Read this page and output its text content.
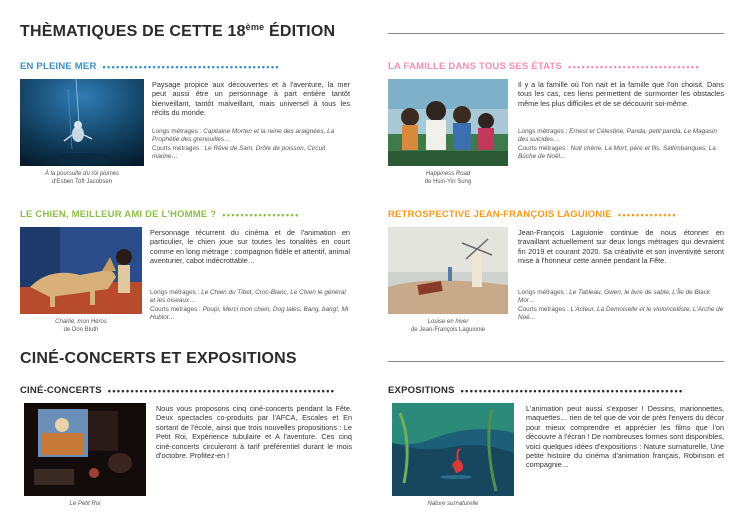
THÈMATIQUES DE CETTE 18ème ÉDITION
EN PLEINE MER •••••••••••••••••••••••••••••••••••••••
À la poursuite du roi plumes
d'Esben Toft Jacobsen
Paysage propice aux découvertes et à l'aventure, la mer peut aussi être un personnage à part entière tantôt bienveillant, tantôt malveillant, mais universel à tous les récits du monde.
Longs métrages : Capitaine Morten et la reine des araignées, La Prophétie des grenouilles…
Courts métrages : Le Rêve de Sam, Drôle de poisson, Circuit marine…
LA FAMILLE DANS TOUS SES ÉTATS •••••••••••••••••••••••••••••
Happiness Road
de Hsin-Yin Sung
Il y a la famille où l'on nait et la famille que l'on choisit. Dans tous les cas, ces liens permettent de surmonter les obstacles même les plus difficiles et de se découvrir soi-même.
Longs métrages : Ernest et Célestine, Panda, petit panda, Le Magasin des suicides…
Courts métrages : Nuit chérie, La Mort, père et fils, Saltimbanques, La Bûche de Noël…
LE CHIEN, MEILLEUR AMI DE L'HOMME ? •••••••••••••••••
Charlie, mon Héros
de Don Bluth
Personnage récurrent du cinéma et de l'animation en particulier, le chien joue sur toutes les tonalités en court comme en long métrage : compagnon fidèle et attentif, animal aventurier, cabot indécrottable…
Longs métrages : Le Chien du Tibet, Croc-Blanc, Le Chien le général et les oiseaux…
Courts métrages : Poupi, Merci mon chien, Dog tales, Bang, bang!, Mr Hublot…
RETROSPECTIVE JEAN-FRANÇOIS LAGUIONIE •••••••••••••
Louise en hiver
de Jean-François Laguionie
Jean-François Laguionie continue de nous étonner en travaillant actuellement sur deux longs métrages qui devraient fin 2019 et courant 2020. Sa créativité et son inventivité seront mise à l'honneur cette année pendant la Fête.
Longs métrages : Le Tableau, Gwen, le livre de sable, L'Île de Black Mor…
Courts métrages : L'Acteur, La Demoiselle et le violoncelliste, L'Arche de Noé…
CINÉ-CONCERTS ET EXPOSITIONS
CINÉ-CONCERTS ••••••••••••••••••••••••••••••••••••••••••••••••••
Le Petit Roi
Nous vous proposons cinq ciné-concerts pendant la Fête. Deux spectacles co-produits par l'AFCA, Escales et En sortant de l'école, ainsi que trois nouvelles propositions : Le Petit Roi, Expérience tubulaire et A l'aventure. Ces cinq ciné-concerts circuleront à tarif préférentiel durant le mois d'octobre. Profitez-en !
EXPOSITIONS •••••••••••••••••••••••••••••••••••••••••••••••••
Nature surnaturelle
L'animation peut aussi s'exposer ! Dessins, marionnettes, maquettes… rien de tel que de voir de près l'envers du décor pour mieux comprendre et apprécier les films que l'on découvre à l'écran ! De nombreuses formes sont disponibles, voici quelques idées d'expositions : Nature surnaturelle, Une petite histoire du cinéma d'animation français, Robinson et compagnie…
